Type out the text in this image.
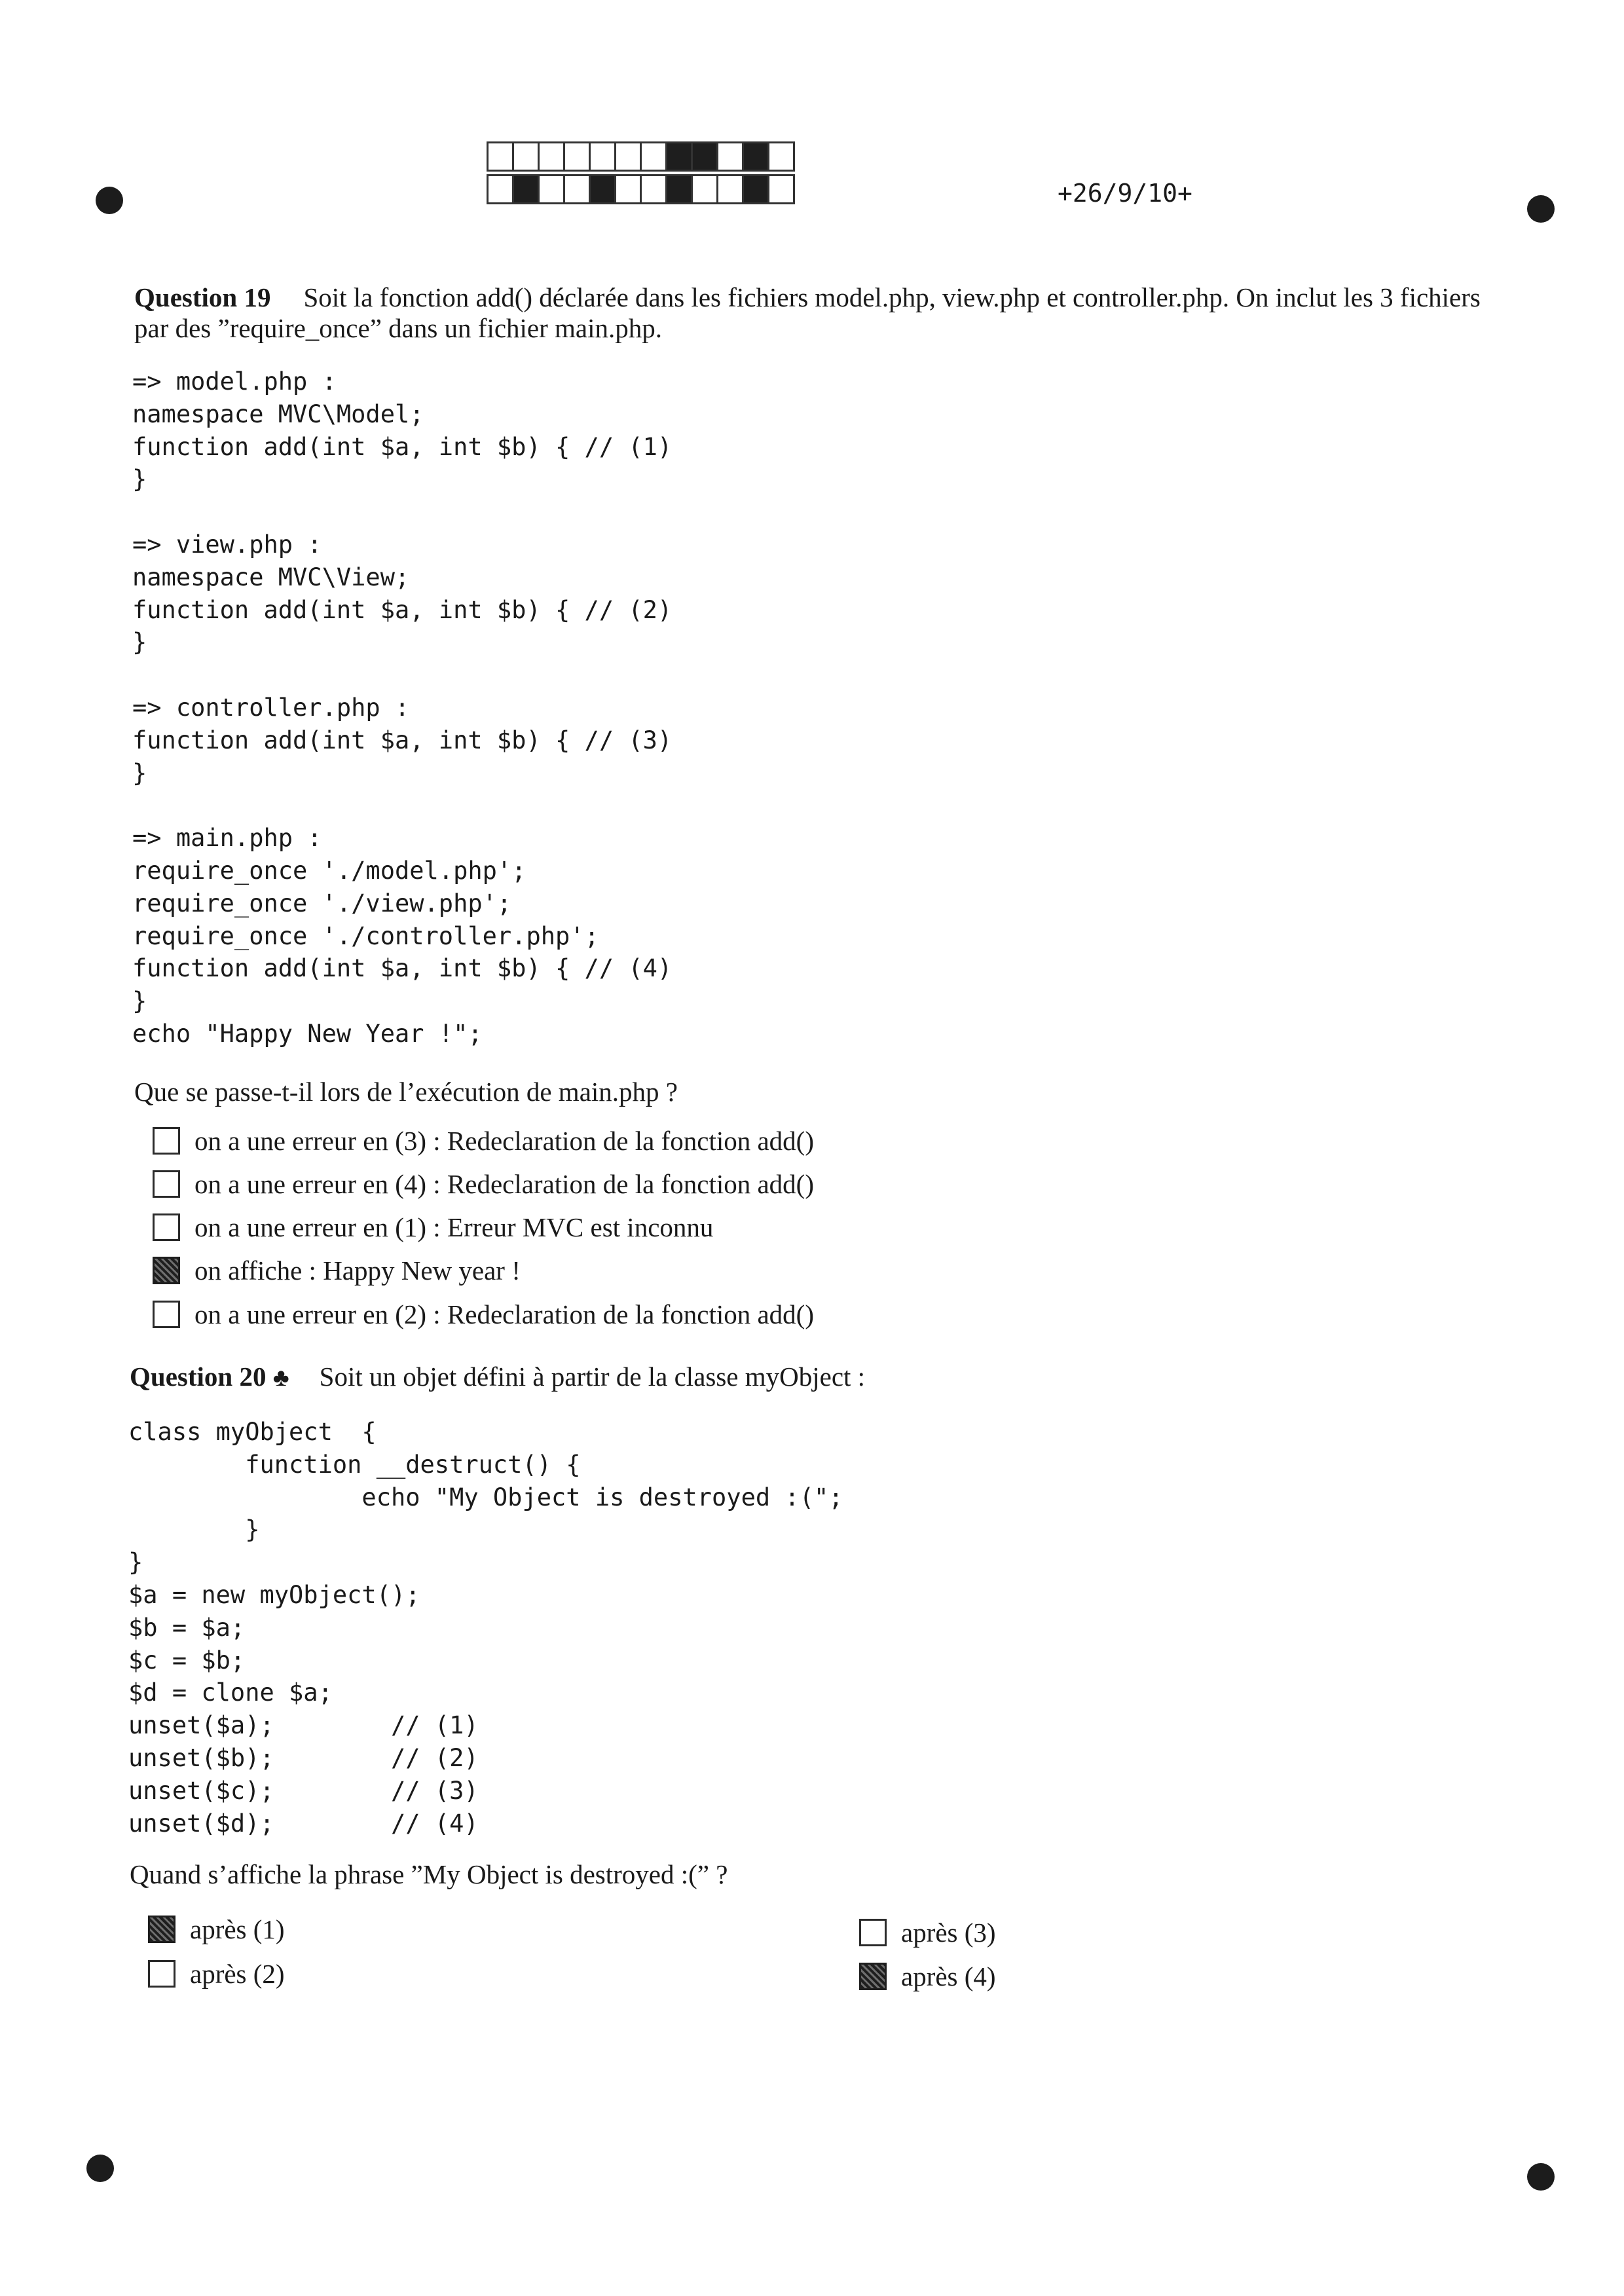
+26/9/10+
Question 19 Soit la fonction add() déclarée dans les fichiers model.php, view.php et controller.php. On inclut les 3 fichiers
par des ”require_once” dans un fichier main.php.
=> model.php :
namespace MVC\Model;
function add(int $a, int $b) { // (1)
}

=> view.php :
namespace MVC\View;
function add(int $a, int $b) { // (2)
}

=> controller.php :
function add(int $a, int $b) { // (3)
}

=> main.php :
require_once './model.php';
require_once './view.php';
require_once './controller.php';
function add(int $a, int $b) { // (4)
}
echo "Happy New Year !";
Que se passe-t-il lors de l’exécution de main.php ?
on a une erreur en (3) : Redeclaration de la fonction add()
on a une erreur en (4) : Redeclaration de la fonction add()
on a une erreur en (1) : Erreur MVC est inconnu
on affiche : Happy New year !
on a une erreur en (2) : Redeclaration de la fonction add()
Question 20 ♣ Soit un objet défini à partir de la classe myObject :
class myObject  {
function __destruct() {
echo "My Object is destroyed :(";
}
}
$a = new myObject();
$b = $a;
$c = $b;
$d = clone $a;
unset($a);        // (1)
unset($b);        // (2)
unset($c);        // (3)
unset($d);        // (4)
Quand s’affiche la phrase ”My Object is destroyed :(” ?
après (1)
après (2)
après (3)
après (4)
